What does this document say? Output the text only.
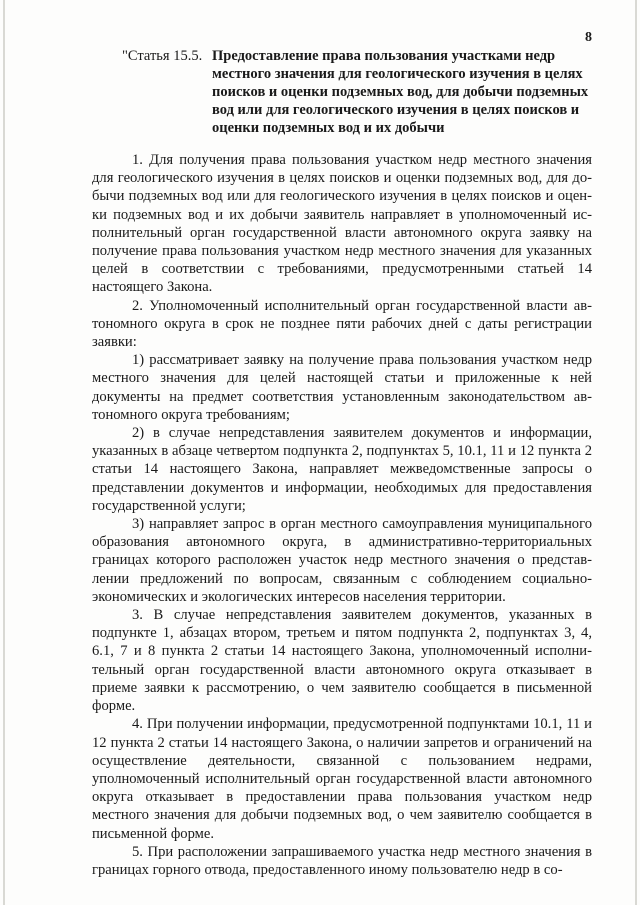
8
"Статья 15.5. Предоставление права пользования участками недр местного значения для геологического изучения в целях поисков и оценки подземных вод, для добычи подземных вод или для геологического изучения в целях поисков и оценки подземных вод и их добычи

1. Для получения права пользования участком недр местного значения для геологического изучения в целях поисков и оценки подземных вод, для добычи подземных вод или для геологического изучения в целях поисков и оценки подземных вод и их добычи заявитель направляет в уполномоченный исполнительный орган государственной власти автономного округа заявку на получение права пользования участком недр местного значения для указанных целей в соответствии с требованиями, предусмотренными статьей 14 настоящего Закона.

2. Уполномоченный исполнительный орган государственной власти автономного округа в срок не позднее пяти рабочих дней с даты регистрации заявки:

1) рассматривает заявку на получение права пользования участком недр местного значения для целей настоящей статьи и приложенные к ней документы на предмет соответствия установленным законодательством автономного округа требованиям;

2) в случае непредставления заявителем документов и информации, указанных в абзаце четвертом подпункта 2, подпунктах 5, 10.1, 11 и 12 пункта 2 статьи 14 настоящего Закона, направляет межведомственные запросы о представлении документов и информации, необходимых для предоставления государственной услуги;

3) направляет запрос в орган местного самоуправления муниципального образования автономного округа, в административно-территориальных границах которого расположен участок недр местного значения о представлении предложений по вопросам, связанным с соблюдением социально-экономических и экологических интересов населения территории.

3. В случае непредставления заявителем документов, указанных в подпункте 1, абзацах втором, третьем и пятом подпункта 2, подпунктах 3, 4, 6.1, 7 и 8 пункта 2 статьи 14 настоящего Закона, уполномоченный исполнительный орган государственной власти автономного округа отказывает в приеме заявки к рассмотрению, о чем заявителю сообщается в письменной форме.

4. При получении информации, предусмотренной подпунктами 10.1, 11 и 12 пункта 2 статьи 14 настоящего Закона, о наличии запретов и ограничений на осуществление деятельности, связанной с пользованием недрами, уполномоченный исполнительный орган государственной власти автономного округа отказывает в предоставлении права пользования участком недр местного значения для добычи подземных вод, о чем заявителю сообщается в письменной форме.

5. При расположении запрашиваемого участка недр местного значения в границах горного отвода, предоставленного иному пользователю недр в со-
